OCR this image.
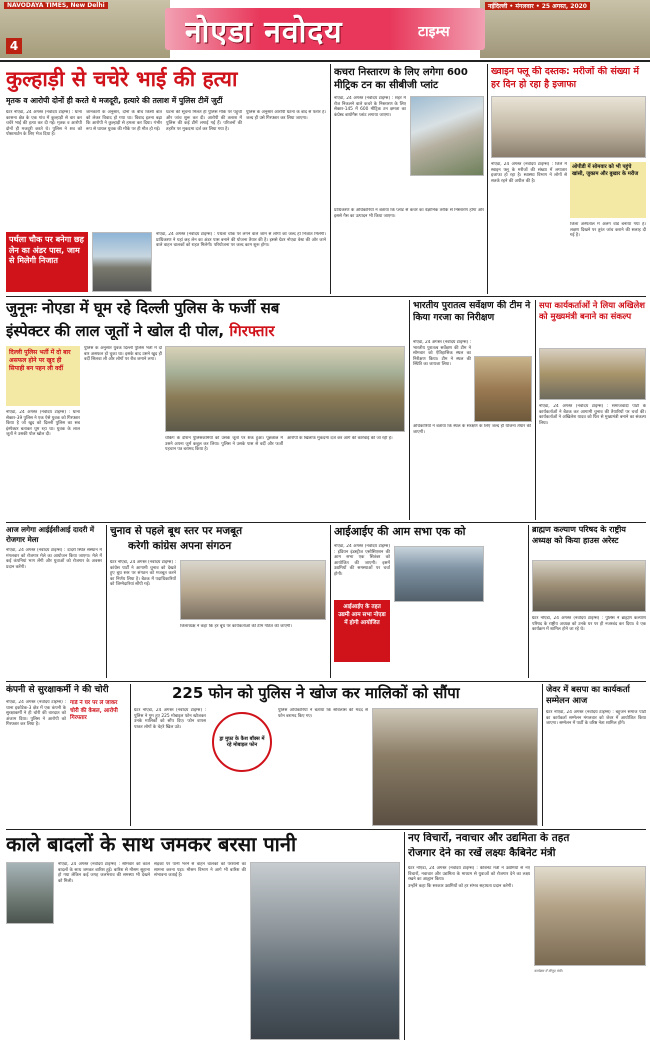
NAVODAYA TIMES, New Delhi	नईदिल्ली • मंगलवार • 25 अगस्त, 2020
4	नोएडा नवोदय	टाइम्स
कुल्हाड़ी से चचेरे भाई की हत्या
मृतक व आरोपी दोनों ही करते थे मजदूरी, हत्यारे की तलाश में पुलिस टीमें जुटीं

ग्रेटर नोएडा, 24 अगस्त (नवोदय टाइम्स) : थाना कासना क्षेत्र के एक गांव में कुल्हाड़ी से वार कर चचेरे भाई की हत्या कर दी गई। मृतक व आरोपी दोनों ही मजदूरी करते थे। पुलिस ने शव को पोस्टमार्टम के लिए भेज दिया है।

जानकारी के अनुसार, दोनों के बीच किसी बात को लेकर विवाद हो गया था। विवाद इतना बढ़ा कि आरोपी ने कुल्हाड़ी से हमला कर दिया। गंभीर रूप से घायल युवक की मौके पर ही मौत हो गई।

घटना की सूचना मिलते ही पुलिस मौके पर पहुंची और जांच शुरू कर दी। आरोपी की तलाश में पुलिस की कई टीमें लगाई गई हैं। परिजनों की तहरीर पर मुकदमा दर्ज कर लिया गया है।

पुलिस के अनुसार आरोपी घटना के बाद से फरार है। जल्द ही उसे गिरफ्तार कर लिया जाएगा।

पर्थला चौक पर बनेगा छह लेन का अंडर पास, जाम से मिलेगी निजात

नोएडा, 24 अगस्त (नवोदय टाइम्स) : पर्थला चौक पर लगने वाले जाम से लोगों को जल्द ही निजात मिलेगी। प्राधिकरण ने यहां छह लेन का अंडर पास बनाने की योजना तैयार की है। इससे ग्रेटर नोएडा वेस्ट की ओर जाने वाले वाहन चालकों को राहत मिलेगी। परियोजना पर जल्द काम शुरू होगा।

कचरा निस्तारण के लिए लगेगा 600 मीट्रिक टन का सीबीजी प्लांट

नोएडा, 24 अगस्त (नवोदय टाइम्स) : शहर में रोज निकलने वाले कचरे के निस्तारण के लिए सेक्टर-145 में 600 मीट्रिक टन क्षमता का कंप्रेस्ड बायोगैस प्लांट लगाया जाएगा।

प्राधिकरण के अधिकारियों ने बताया कि प्लांट से कचरे का वैज्ञानिक तरीके से निस्तारण होगा और इससे गैस का उत्पादन भी किया जाएगा।

ख्वाइन फ्लू की दस्तक: मरीजों की संख्या में हर दिन हो रहा है इजाफा
ओपीडी में सोमवार को भी पहुंचे खांसी, जुकाम और बुखार के मरीज

नोएडा, 24 अगस्त (नवोदय टाइम्स) : जिले में स्वाइन फ्लू के मरीजों की संख्या में लगातार इजाफा हो रहा है। स्वास्थ्य विभाग ने लोगों से सतर्क रहने की अपील की है।

जिला अस्पताल में अलग वार्ड बनाया गया है। लक्षण दिखने पर तुरंत जांच कराने की सलाह दी गई है।

जुनूनः नोएडा में घूम रहे दिल्ली पुलिस के फर्जी सब
इंस्पेक्टर की लाल जूतों ने खोल दी पोल, गिरफ्तार
दिल्ली पुलिस भर्ती में दो बार असफल होने पर खुद ही सिपाही बन पहन ली वर्दी

नोएडा, 24 अगस्त (नवोदय टाइम्स) : थाना सेक्टर-39 पुलिस ने एक ऐसे युवक को गिरफ्तार किया है जो खुद को दिल्ली पुलिस का सब इंस्पेक्टर बताकर घूम रहा था। युवक के लाल जूतों ने उसकी पोल खोल दी।

पुलिस के अनुसार युवक दिल्ली पुलिस भर्ती में दो बार असफल हो चुका था। इसके बाद उसने खुद ही वर्दी सिलवा ली और लोगों पर रौब जमाने लगा।

चेकिंग के दौरान पुलिसकर्मियों को उसके जूतों पर शक हुआ। पूछताछ में उसने अपना जुर्म कबूल कर लिया। पुलिस ने उसके पास से वर्दी और फर्जी पहचान पत्र बरामद किया है।

आरोपी के खिलाफ मुकदमा दर्ज कर आगे की कार्रवाई की जा रही है।

भारतीय पुरातत्व सर्वेक्षण की टीम ने किया गरजा का निरीक्षण

नोएडा, 24 अगस्त (नवोदय टाइम्स) : भारतीय पुरातत्व सर्वेक्षण की टीम ने सोमवार को ऐतिहासिक स्थल का निरीक्षण किया। टीम ने स्थल की स्थिति का जायजा लिया।

अधिकारियों ने बताया कि स्थल के संरक्षण के लिए जल्द ही योजना तैयार की जाएगी।

सपा कार्यकर्ताओं ने लिया अखिलेश को मुख्यमंत्री बनाने का संकल्प

नोएडा, 24 अगस्त (नवोदय टाइम्स) : समाजवादी पार्टी के कार्यकर्ताओं ने बैठक कर आगामी चुनाव की तैयारियों पर चर्चा की। कार्यकर्ताओं ने अखिलेश यादव को फिर से मुख्यमंत्री बनाने का संकल्प लिया।

आज लगेगा आईईसीआई दादरी में रोजगार मेला

नोएडा, 24 अगस्त (नवोदय टाइम्स) : दादरी स्थित संस्थान में मंगलवार को रोजगार मेले का आयोजन किया जाएगा। मेले में कई कंपनियां भाग लेंगी और युवाओं को रोजगार के अवसर प्रदान करेंगी।

चुनाव से पहले बूथ स्तर पर मजबूत
करेगी कांग्रेस अपना संगठन

ग्रेटर नोएडा, 24 अगस्त (नवोदय टाइम्स) : कांग्रेस पार्टी ने आगामी चुनाव को देखते हुए बूथ स्तर पर संगठन को मजबूत करने का निर्णय लिया है। बैठक में पदाधिकारियों को जिम्मेदारियां सौंपी गईं।

जिलाध्यक्ष ने कहा कि हर बूथ पर कार्यकर्ताओं की टीम गठित की जाएगी।

आईआईए की आम सभा एक को
आईआईए के तहत उद्यमी आम सभा नोएडा में होगी आयोजित

नोएडा, 24 अगस्त (नवोदय टाइम्स) : इंडियन इंडस्ट्रीज एसोसिएशन की आम सभा एक सितंबर को आयोजित की जाएगी। इसमें उद्यमियों की समस्याओं पर चर्चा होगी।

ब्राह्मण कल्याण परिषद के राष्ट्रीय अध्यक्ष को किया हाउस अरेस्ट

ग्रेटर नोएडा, 24 अगस्त (नवोदय टाइम्स) : पुलिस ने ब्राह्मण कल्याण परिषद के राष्ट्रीय अध्यक्ष को उनके घर पर ही नजरबंद कर दिया। वे एक कार्यक्रम में शामिल होने जा रहे थे।

कंपनी से सुरक्षाकर्मी ने की चोरी

नोएडा, 24 अगस्त (नवोदय टाइम्स) : थाना इकोटेक-3 क्षेत्र में एक कंपनी के सुरक्षाकर्मी ने ही चोरी की वारदात को अंजाम दिया। पुलिस ने आरोपी को गिरफ्तार कर लिया है।

गार्ड ने घर पर ले जाकर चोरी की केबल, आरोपी गिरफ्तार
225 फोन को पुलिस ने खोज कर मालिकों को सौंपा

ग्रेटर नोएडा, 24 अगस्त (नवोदय टाइम्स) : पुलिस ने गुम हुए 225 मोबाइल फोन खोजकर उनके मालिकों को सौंप दिए। फोन वापस पाकर लोगों के चेहरे खिल उठे।

ड्रा मुफ़ा के कैश बॉक्स में रहे मोबाइल फोन

पुलिस अधिकारियों ने बताया कि सर्विलांस की मदद से फोन बरामद किए गए।

जेवर में बसपा का कार्यकर्ता सम्मेलन आज

ग्रेटर नोएडा, 24 अगस्त (नवोदय टाइम्स) : बहुजन समाज पार्टी का कार्यकर्ता सम्मेलन मंगलवार को जेवर में आयोजित किया जाएगा। सम्मेलन में पार्टी के वरिष्ठ नेता शामिल होंगे।

काले बादलों के साथ जमकर बरसा पानी

नोएडा, 24 अगस्त (नवोदय टाइम्स) : सोमवार को काले बादलों के साथ जमकर बारिश हुई। बारिश से मौसम सुहाना हो गया लेकिन कई जगह जलभराव की समस्या भी देखने को मिली।

सड़कों पर पानी भरने से वाहन चालकों को परेशानी का सामना करना पड़ा। मौसम विभाग ने आगे भी बारिश की संभावना जताई है।

नए विचारों, नवाचार और उद्यमिता के तहत
रोजगार देने का रखें लक्ष्यः कैबिनेट मंत्री

ग्रेटर नोएडा, 24 अगस्त (नवोदय टाइम्स) : कैबिनेट मंत्री ने उद्यमियों से नए विचारों, नवाचार और उद्यमिता के माध्यम से युवाओं को रोजगार देने का लक्ष्य रखने का आह्वान किया।

उन्होंने कहा कि सरकार उद्यमियों को हर संभव सहायता प्रदान करेगी।

कार्यक्रम में मौजूद मंत्री।
